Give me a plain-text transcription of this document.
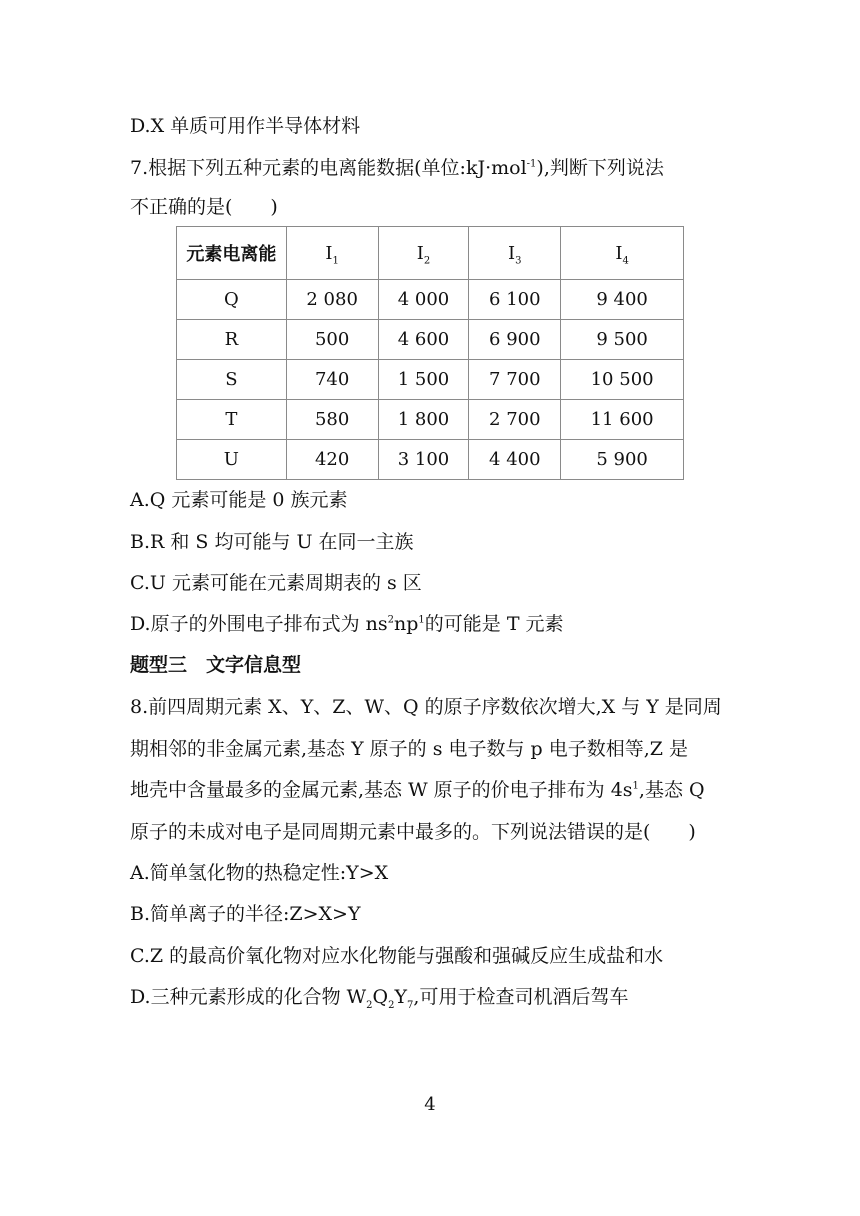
D.X 单质可用作半导体材料
7.根据下列五种元素的电离能数据(单位:kJ·mol$^{-1}$),判断下列说法
不正确的是(　　)
元素电离能	$I_1$	$I_2$	$I_3$	$I_4$
Q	2 080	4 000	6 100	9 400
R	500	4 600	6 900	9 500
S	740	1 500	7 700	10 500
T	580	1 800	2 700	11 600
U	420	3 100	4 400	5 900
A.Q 元素可能是 0 族元素
B.R 和 S 均可能与 U 在同一主族
C.U 元素可能在元素周期表的 s 区
D.原子的外围电子排布式为 $ns^2np^1$的可能是 T 元素
题型三　文字信息型
8.前四周期元素 X、Y、Z、W、Q 的原子序数依次增大,X 与 Y 是同周
期相邻的非金属元素,基态 Y 原子的 s 电子数与 p 电子数相等,Z 是
地壳中含量最多的金属元素,基态 W 原子的价电子排布为 $4s^1$,基态 Q
原子的未成对电子是同周期元素中最多的。下列说法错误的是(　　)
A.简单氢化物的热稳定性:Y>X
B.简单离子的半径:Z>X>Y
C.Z 的最高价氧化物对应水化物能与强酸和强碱反应生成盐和水
D.三种元素形成的化合物 $W_2Q_2Y_7$,可用于检查司机酒后驾车
4
